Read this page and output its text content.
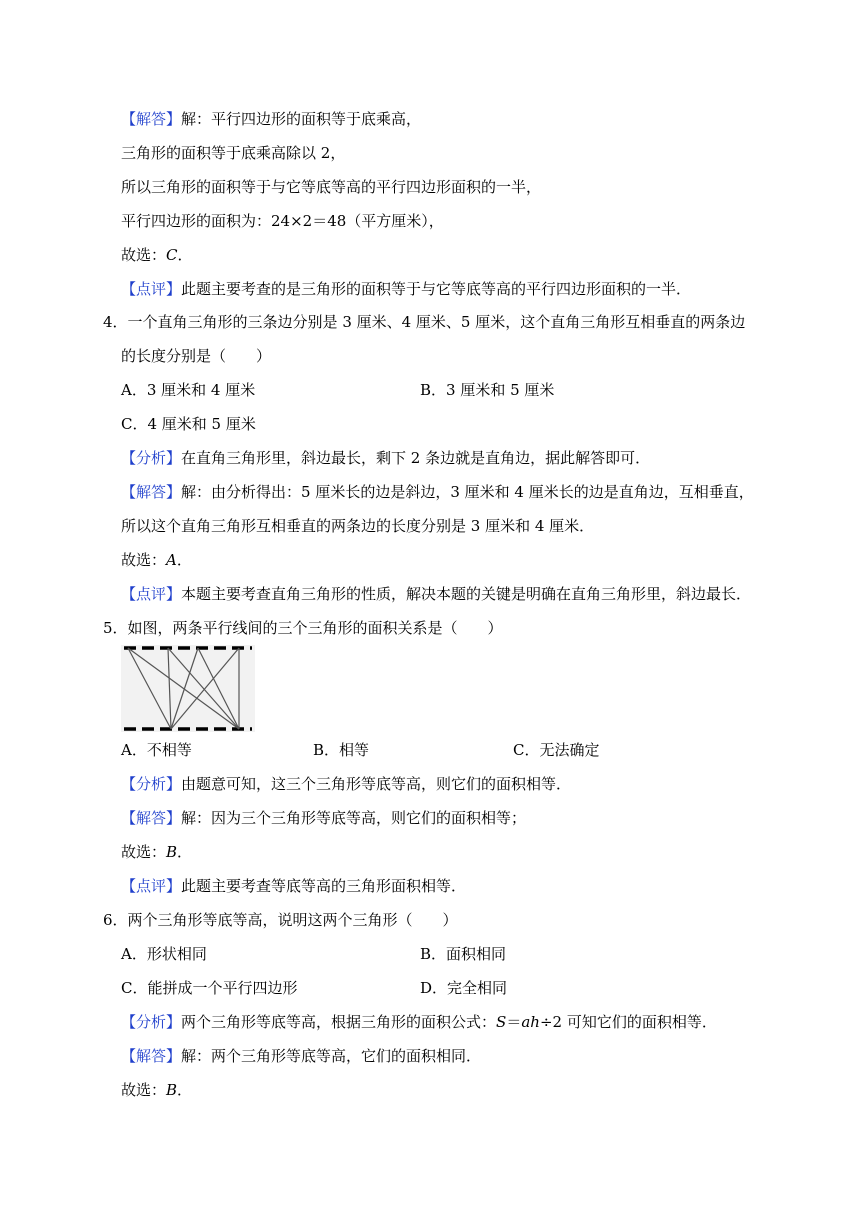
【解答】解：平行四边形的面积等于底乘高，
三角形的面积等于底乘高除以 2，
所以三角形的面积等于与它等底等高的平行四边形面积的一半，
平行四边形的面积为：24×2＝48（平方厘米），
故选：C．
【点评】此题主要考查的是三角形的面积等于与它等底等高的平行四边形面积的一半．
4．一个直角三角形的三条边分别是 3 厘米、4 厘米、5 厘米，这个直角三角形互相垂直的两条边
的长度分别是（　　）
A．3 厘米和 4 厘米	B．3 厘米和 5 厘米
C．4 厘米和 5 厘米
【分析】在直角三角形里，斜边最长，剩下 2 条边就是直角边，据此解答即可．
【解答】解：由分析得出：5 厘米长的边是斜边，3 厘米和 4 厘米长的边是直角边，互相垂直，
所以这个直角三角形互相垂直的两条边的长度分别是 3 厘米和 4 厘米．
故选：A．
【点评】本题主要考查直角三角形的性质，解决本题的关键是明确在直角三角形里，斜边最长．
5．如图，两条平行线间的三个三角形的面积关系是（　　）
A．不相等	B．相等	C．无法确定
【分析】由题意可知，这三个三角形等底等高，则它们的面积相等．
【解答】解：因为三个三角形等底等高，则它们的面积相等；
故选：B．
【点评】此题主要考查等底等高的三角形面积相等．
6．两个三角形等底等高，说明这两个三角形（　　）
A．形状相同	B．面积相同
C．能拼成一个平行四边形	D．完全相同
【分析】两个三角形等底等高，根据三角形的面积公式：S＝ah÷2 可知它们的面积相等．
【解答】解：两个三角形等底等高，它们的面积相同．
故选：B．
